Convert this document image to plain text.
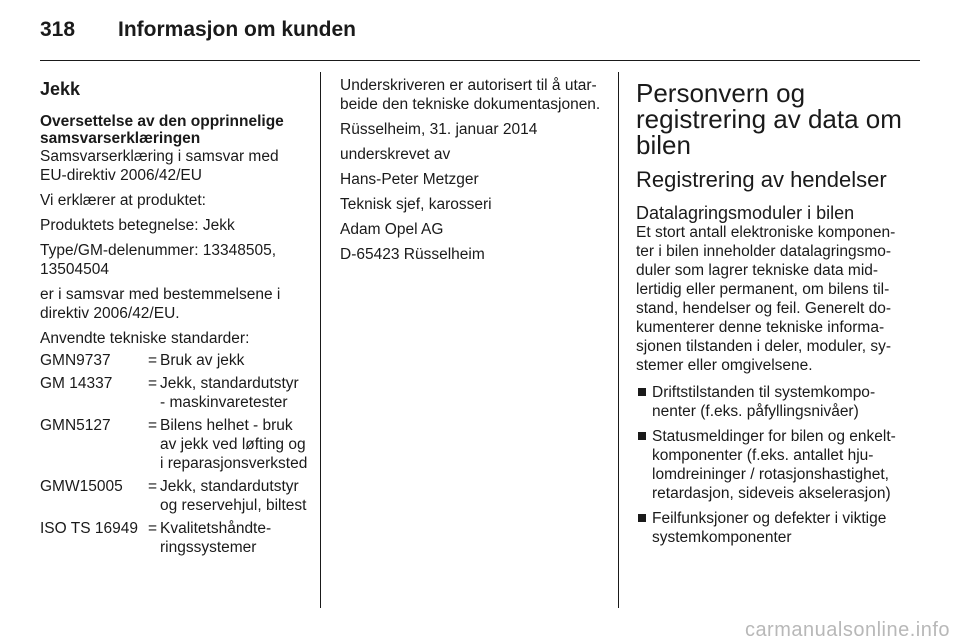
318 Informasjon om kunden
Jekk
Oversettelse av den opprinnelige samsvarserklæringen

Samsvarserklæring i samsvar med EU-direktiv 2006/42/EU

Vi erklærer at produktet:

Produktets betegnelse: Jekk

Type/GM-delenummer: 13348505, 13504504

er i samsvar med bestemmelsene i direktiv 2006/42/EU.

Anvendte tekniske standarder:

GMN9737	= Bruk av jekk
GM 14337	= Jekk, standardutstyr - maskinvaretester
GMN5127	= Bilens helhet - bruk av jekk ved løfting og i reparasjonsverksted
GMW15005	= Jekk, standardutstyr og reservehjul, biltest
ISO TS 16949 = Kvalitetshåndteringssystemer

Underskriveren er autorisert til å utarbeide den tekniske dokumentasjonen.

Rüsselheim, 31. januar 2014

underskrevet av

Hans-Peter Metzger

Teknisk sjef, karosseri

Adam Opel AG

D-65423 Rüsselheim

Personvern og registrering av data om bilen
Registrering av hendelser
Datalagringsmoduler i bilen

Et stort antall elektroniske komponenter i bilen inneholder datalagringsmoduler som lagrer tekniske data midlertidig eller permanent, om bilens tilstand, hendelser og feil. Generelt dokumenterer denne tekniske informasjonen tilstanden i deler, moduler, systemer eller omgivelsene.

Driftstilstanden til systemkomponenter (f.eks. påfyllingsnivåer)
Statusmeldinger for bilen og enkeltkomponenter (f.eks. antallet hjulomdreininger / rotasjonshastighet, retardasjon, sideveis akselerasjon)
Feilfunksjoner og defekter i viktige systemkomponenter
carmanualsonline.info
